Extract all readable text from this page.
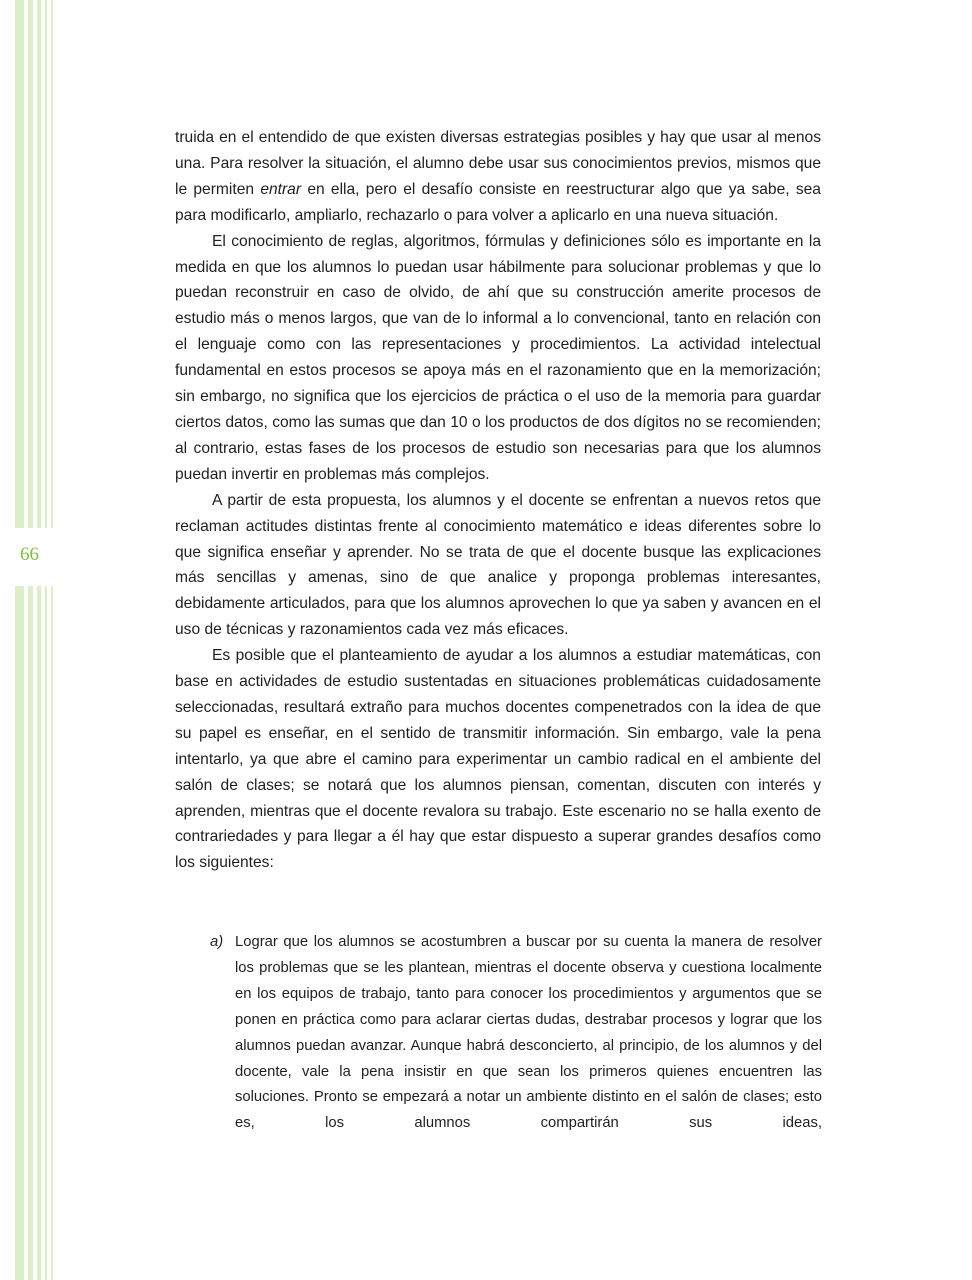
66

truida en el entendido de que existen diversas estrategias posibles y hay que usar al menos una. Para resolver la situación, el alumno debe usar sus conocimientos previos, mismos que le permiten entrar en ella, pero el desafío consiste en reestructurar algo que ya sabe, sea para modificarlo, ampliarlo, rechazarlo o para volver a aplicarlo en una nueva situación.

El conocimiento de reglas, algoritmos, fórmulas y definiciones sólo es importante en la medida en que los alumnos lo puedan usar hábilmente para solucionar problemas y que lo puedan reconstruir en caso de olvido, de ahí que su construcción amerite procesos de estudio más o menos largos, que van de lo informal a lo convencional, tanto en relación con el lenguaje como con las representaciones y procedimientos. La actividad intelectual fundamental en estos procesos se apoya más en el razonamiento que en la memorización; sin embargo, no significa que los ejercicios de práctica o el uso de la memoria para guardar ciertos datos, como las sumas que dan 10 o los productos de dos dígitos no se recomienden; al contrario, estas fases de los procesos de estudio son necesarias para que los alumnos puedan invertir en problemas más complejos.

A partir de esta propuesta, los alumnos y el docente se enfrentan a nuevos retos que reclaman actitudes distintas frente al conocimiento matemático e ideas diferentes sobre lo que significa enseñar y aprender. No se trata de que el docente busque las explicaciones más sencillas y amenas, sino de que analice y proponga problemas interesantes, debidamente articulados, para que los alumnos aprovechen lo que ya saben y avancen en el uso de técnicas y razonamientos cada vez más eficaces.

Es posible que el planteamiento de ayudar a los alumnos a estudiar matemáticas, con base en actividades de estudio sustentadas en situaciones problemáticas cuidadosamente seleccionadas, resultará extraño para muchos docentes compenetrados con la idea de que su papel es enseñar, en el sentido de transmitir información. Sin embargo, vale la pena intentarlo, ya que abre el camino para experimentar un cambio radical en el ambiente del salón de clases; se notará que los alumnos piensan, comentan, discuten con interés y aprenden, mientras que el docente revalora su trabajo. Este escenario no se halla exento de contrariedades y para llegar a él hay que estar dispuesto a superar grandes desafíos como los siguientes:

a) Lograr que los alumnos se acostumbren a buscar por su cuenta la manera de resolver los problemas que se les plantean, mientras el docente observa y cuestiona localmente en los equipos de trabajo, tanto para conocer los procedimientos y argumentos que se ponen en práctica como para aclarar ciertas dudas, destrabar procesos y lograr que los alumnos puedan avanzar. Aunque habrá desconcierto, al principio, de los alumnos y del docente, vale la pena insistir en que sean los primeros quienes encuentren las soluciones. Pronto se empezará a notar un ambiente distinto en el salón de clases; esto es, los alumnos compartirán sus ideas,
